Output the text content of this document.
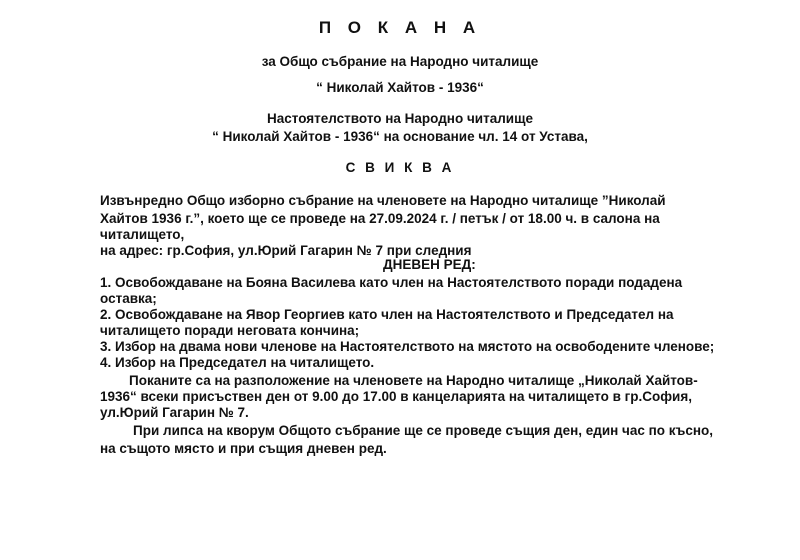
П О К А Н А
за Общо събрание на Народно читалище
“ Николай Хайтов - 1936“
Настоятелството на Народно читалище
“ Николай Хайтов - 1936“ на основание чл. 14 от Устава,
С В И К В А
Извънредно Общо изборно събрание на членовете на Народно читалище ”Николай
Хайтов 1936 г.”, което ще се проведе на 27.09.2024 г. / петък / от 18.00 ч. в салона на
читалището,
на адрес: гр.София, ул.Юрий Гагарин № 7 при следния
ДНЕВЕН РЕД:
1. Освобождаване на Бояна Василева като член на Настоятелството поради подадена
оставка;
2. Освобождаване на Явор Георгиев като член на Настоятелството и Председател на
читалището поради неговата кончина;
3. Избор на двама нови членове на Настоятелството на мястото на освободените членове;
4. Избор на Председател на читалището.
Поканите са на разположение на членовете на Народно читалище „Николай Хайтов-
1936“ всеки присъствен ден от 9.00 до 17.00 в канцеларията на читалището в гр.София,
ул.Юрий Гагарин № 7.
При липса на кворум Общото събрание ще се проведе същия ден, един час по късно,
на същото място и при същия дневен ред.
